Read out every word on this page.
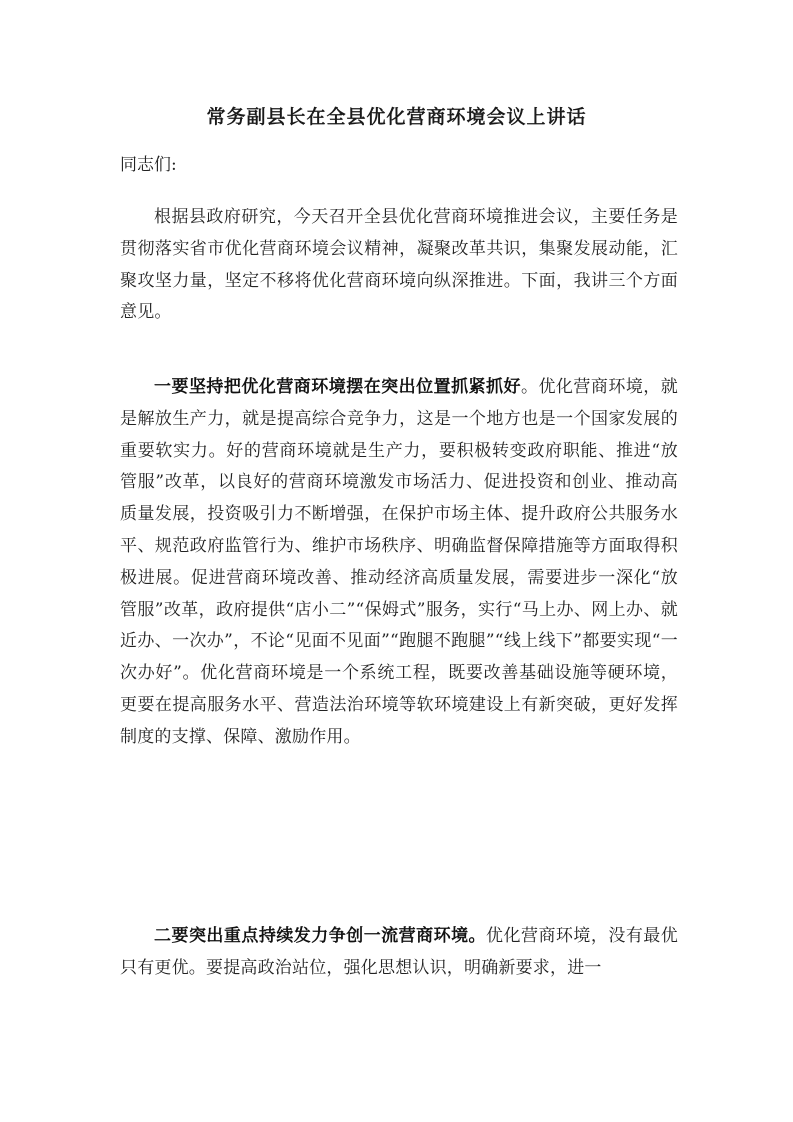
常务副县长在全县优化营商环境会议上讲话
同志们:

根据县政府研究，今天召开全县优化营商环境推进会议，主要任务是贯彻落实省市优化营商环境会议精神，凝聚改革共识，集聚发展动能，汇聚攻坚力量，坚定不移将优化营商环境向纵深推进。下面，我讲三个方面意见。

一要坚持把优化营商环境摆在突出位置抓紧抓好。优化营商环境，就是解放生产力，就是提高综合竞争力，这是一个地方也是一个国家发展的重要软实力。好的营商环境就是生产力，要积极转变政府职能、推进“放管服”改革，以良好的营商环境激发市场活力、促进投资和创业、推动高质量发展，投资吸引力不断增强，在保护市场主体、提升政府公共服务水平、规范政府监管行为、维护市场秩序、明确监督保障措施等方面取得积极进展。促进营商环境改善、推动经济高质量发展，需要进步一深化“放管服”改革，政府提供“店小二”“保姆式”服务，实行“马上办、网上办、就近办、一次办”，不论“见面不见面”“跑腿不跑腿”“线上线下”都要实现“一次办好”。优化营商环境是一个系统工程，既要改善基础设施等硬环境，更要在提高服务水平、营造法治环境等软环境建设上有新突破，更好发挥制度的支撑、保障、激励作用。

二要突出重点持续发力争创一流营商环境。优化营商环境，没有最优只有更优。要提高政治站位，强化思想认识，明确新要求，进一
